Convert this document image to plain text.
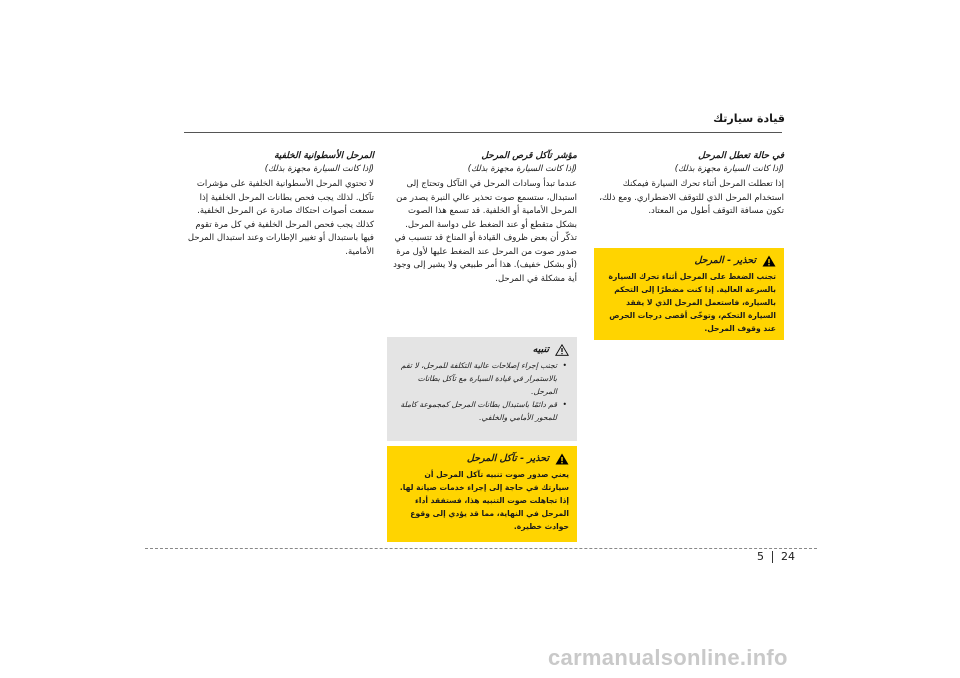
قيادة سيارتك
في حالة تعطل المرحل
(إذا كانت السيارة مجهزة بذلك)

إذا تعطلت المرحل أثناء تحرك السيارة فيمكنك استخدام المرحل الذي للتوقف الاضطراري. ومع ذلك، تكون مسافة التوقف أطول من المعتاد.

تحذير - المرحل
تجنب الضغط على المرحل أثناء تحرك السيارة بالسرعة العالية. إذا كنت مضطرًا إلى التحكم بالسيارة، فاستعمل المرحل الذي لا يفقد السيارة التحكم، وتوخّى أقصى درجات الحرص عند وقوف المرحل.
مؤشر تآكل قرص المرحل
(إذا كانت السيارة مجهزة بذلك)

عندما تبدأ وسادات المرحل في التآكل وتحتاج إلى استبدال، ستسمع صوت تحذير عالي النبرة يصدر من المرحل الأمامية أو الخلفية. قد تسمع هذا الصوت بشكل متقطع أو عند الضغط على دواسة المرحل. تذكّر أن بعض ظروف القيادة أو المناخ قد تتسبب في صدور صوت من المرحل عند الضغط عليها لأول مرة (أو بشكل خفيف). هذا أمر طبيعي ولا يشير إلى وجود أية مشكلة في المرحل.

تنبيه
• تجنب إجراء إصلاحات عالية التكلفة للمرحل، لا تقم بالاستمرار في قيادة السيارة مع تآكل بطانات المرحل.
• قم دائمًا باستبدال بطانات المرحل كمجموعة كاملة للمحور الأمامي والخلفي.
تحذير - تآكل المرحل
يعني صدور صوت تنبيه تآكل المرحل أن سيارتك في حاجة إلى إجراء خدمات صيانة لها. إذا تجاهلت صوت التنبيه هذا، فستفقد أداء المرحل في النهاية، مما قد يؤدي إلى وقوع حوادث خطيرة.
المرحل الأسطوانية الخلفية
(إذا كانت السيارة مجهزة بذلك)

لا تحتوي المرحل الأسطوانية الخلفية على مؤشرات تآكل. لذلك يجب فحص بطانات المرحل الخلفية إذا سمعت أصوات احتكاك صادرة عن المرحل الخلفية. كذلك يجب فحص المرحل الخلفية في كل مرة تقوم فيها باستبدال أو تغيير الإطارات وعند استبدال المرحل الأمامية.

5 24
carmanualsonline.info
